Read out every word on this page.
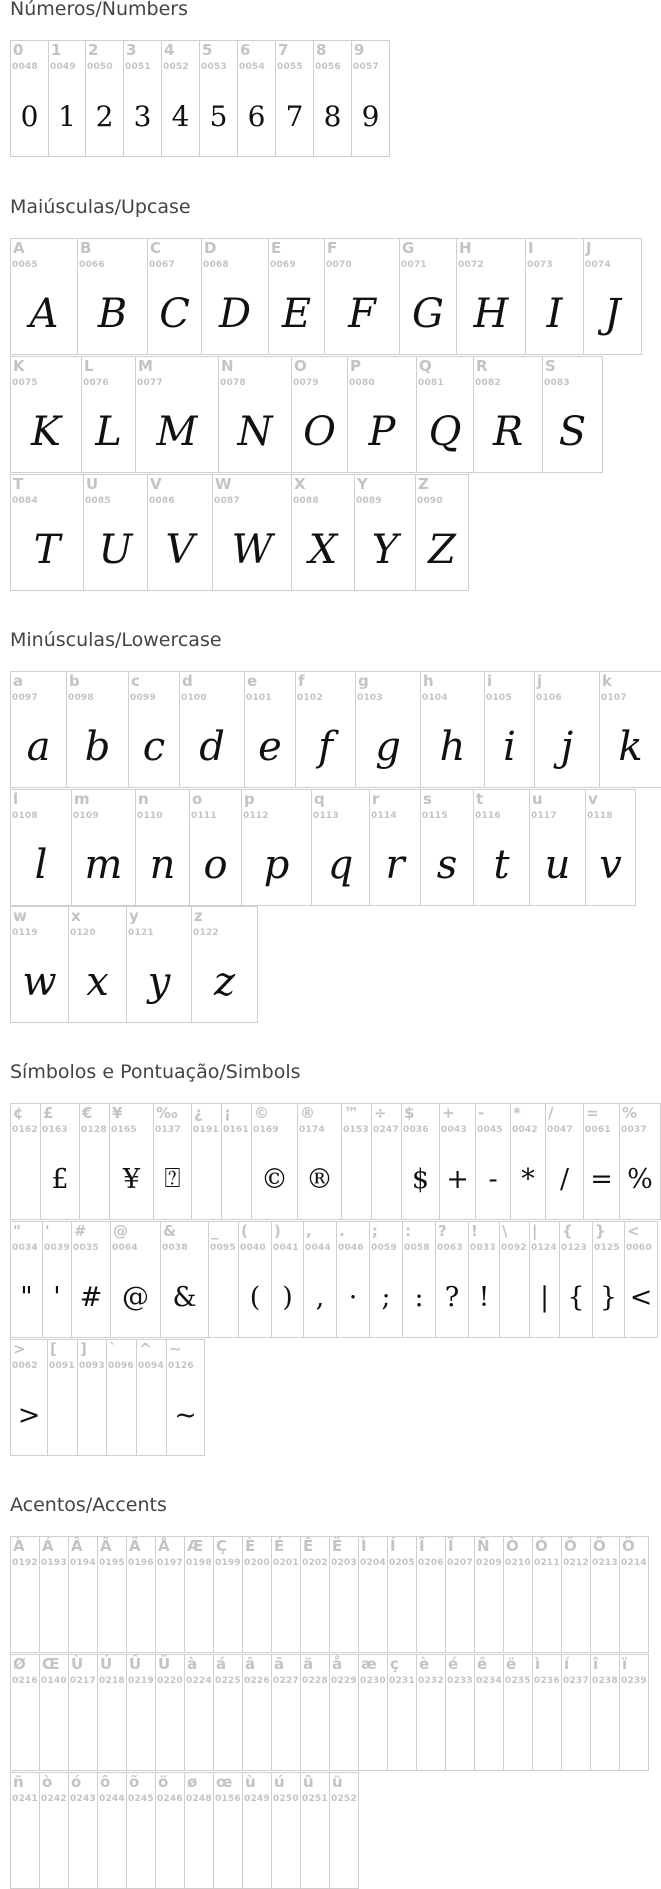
Números/Numbers
0
0048
0
1
0049
1
2
0050
2
3
0051
3
4
0052
4
5
0053
5
6
0054
6
7
0055
7
8
0056
8
9
0057
9
Maiúsculas/Upcase
A
0065
A
B
0066
B
C
0067
C
D
0068
D
E
0069
E
F
0070
F
G
0071
G
H
0072
H
I
0073
I
J
0074
J
K
0075
K
L
0076
L
M
0077
M
N
0078
N
O
0079
O
P
0080
P
Q
0081
Q
R
0082
R
S
0083
S
T
0084
T
U
0085
U
V
0086
V
W
0087
W
X
0088
X
Y
0089
Y
Z
0090
Z
Minúsculas/Lowercase
a
0097
a
b
0098
b
c
0099
c
d
0100
d
e
0101
e
f
0102
f
g
0103
g
h
0104
h
i
0105
i
j
0106
j
k
0107
k
l
0108
l
m
0109
m
n
0110
n
o
0111
o
p
0112
p
q
0113
q
r
0114
r
s
0115
s
t
0116
t
u
0117
u
v
0118
v
w
0119
w
x
0120
x
y
0121
y
z
0122
z
Símbolos e Pontuação/Simbols
¢
0162
£
0163
£
€
0128
¥
0165
¥
‰
0137
⍰
¿
0191
¡
0161
©
0169
©
®
0174
®
™
0153
÷
0247
$
0036
$
+
0043
+
-
0045
-
*
0042
*
/
0047
/
=
0061
=
%
0037
%
"
0034
"
'
0039
'
#
0035
#
@
0064
@
&
0038
&
_
0095
(
0040
(
)
0041
)
,
0044
,
.
0046
·
;
0059
;
:
0058
:
?
0063
?
!
0033
!
\
0092
|
0124
|
{
0123
{
}
0125
}
<
0060
<
>
0062
>
[
0091
]
0093
`
0096
^
0094
~
0126
~
Acentos/Accents
À
0192
Á
0193
Â
0194
Ã
0195
Ä
0196
Å
0197
Æ
0198
Ç
0199
È
0200
É
0201
Ê
0202
Ë
0203
Ì
0204
Í
0205
Î
0206
Ï
0207
Ñ
0209
Ò
0210
Ó
0211
Ô
0212
Õ
0213
Ö
0214
Ø
0216
Œ
0140
Ù
0217
Ú
0218
Û
0219
Ü
0220
à
0224
á
0225
â
0226
ã
0227
ä
0228
å
0229
æ
0230
ç
0231
è
0232
é
0233
ê
0234
ë
0235
ì
0236
í
0237
î
0238
ï
0239
ñ
0241
ò
0242
ó
0243
ô
0244
õ
0245
ö
0246
ø
0248
œ
0156
ù
0249
ú
0250
û
0251
ü
0252
